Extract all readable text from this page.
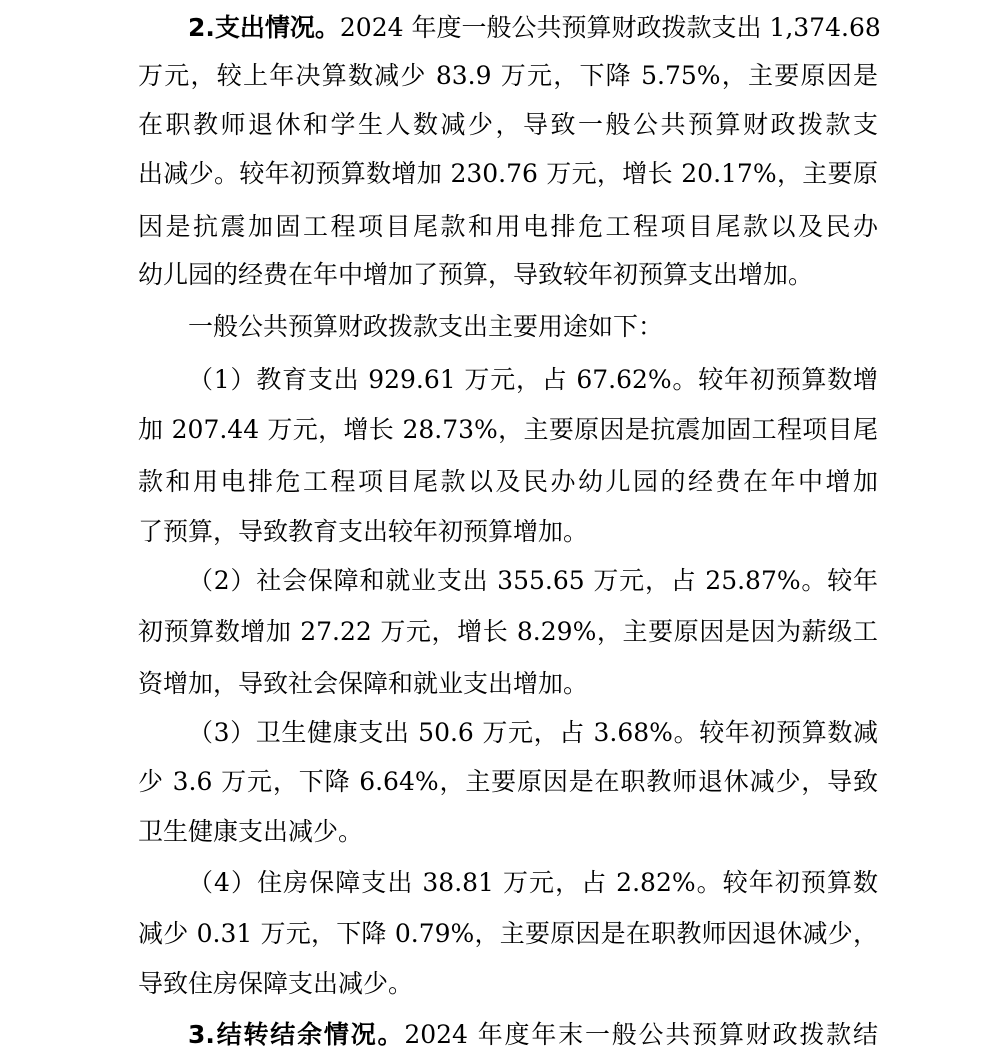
2.支出情况。2024 年度一般公共预算财政拨款支出 1,374.68
万元，较上年决算数减少 83.9 万元，下降 5.75%，主要原因是
在职教师退休和学生人数减少，导致一般公共预算财政拨款支
出减少。较年初预算数增加 230.76 万元，增长 20.17%，主要原
因是抗震加固工程项目尾款和用电排危工程项目尾款以及民办
幼儿园的经费在年中增加了预算，导致较年初预算支出增加。
一般公共预算财政拨款支出主要用途如下：
（1）教育支出 929.61 万元，占 67.62%。较年初预算数增
加 207.44 万元，增长 28.73%，主要原因是抗震加固工程项目尾
款和用电排危工程项目尾款以及民办幼儿园的经费在年中增加
了预算，导致教育支出较年初预算增加。
（2）社会保障和就业支出 355.65 万元，占 25.87%。较年
初预算数增加 27.22 万元，增长 8.29%，主要原因是因为薪级工
资增加，导致社会保障和就业支出增加。
（3）卫生健康支出 50.6 万元，占 3.68%。较年初预算数减
少 3.6 万元，下降 6.64%，主要原因是在职教师退休减少，导致
卫生健康支出减少。
（4）住房保障支出 38.81 万元，占 2.82%。较年初预算数
减少 0.31 万元，下降 0.79%，主要原因是在职教师因退休减少，
导致住房保障支出减少。
3.结转结余情况。2024 年度年末一般公共预算财政拨款结
